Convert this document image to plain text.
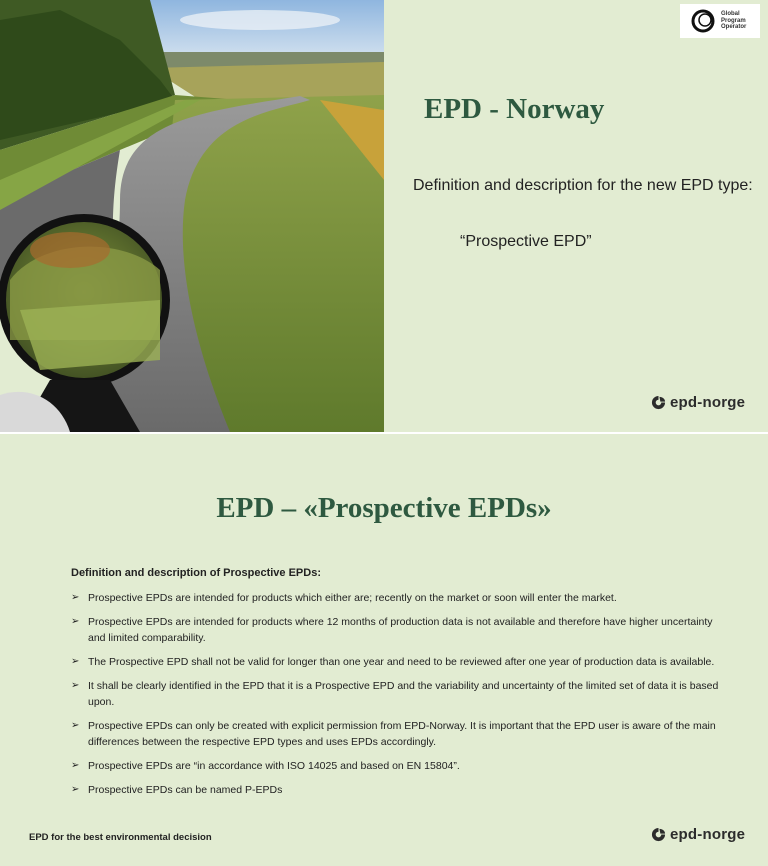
Global
Program
Operator
EPD - Norway
Definition and description for the new EPD type:
“Prospective EPD”
epd-norge
EPD – «Prospective EPDs»
Definition and description of Prospective EPDs:
➢ Prospective EPDs are intended for products which either are; recently on the market or soon will enter the market.
➢ Prospective EPDs are intended for products where 12 months of production data is not available and therefore have higher uncertainty and limited comparability.
➢ The Prospective EPD shall not be valid for longer than one year and need to be reviewed after one year of production data is available.
➢ It shall be clearly identified in the EPD that it is a Prospective EPD and the variability and uncertainty of the limited set of data it is based upon.
➢ Prospective EPDs can only be created with explicit permission from EPD-Norway. It is important that the EPD user is aware of the main differences between the respective EPD types and uses EPDs accordingly.
➢ Prospective EPDs are “in accordance with ISO 14025 and based on EN 15804”.
➢ Prospective EPDs can be named P-EPDs
EPD for the best environmental decision	epd-norge
